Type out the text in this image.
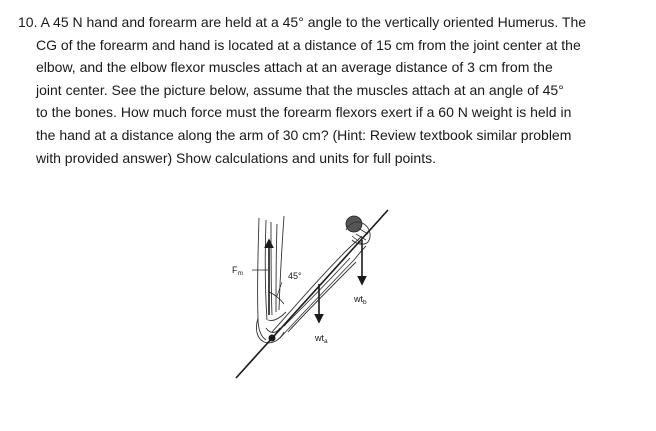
10. A 45 N hand and forearm are held at a 45° angle to the vertically oriented Humerus. The
CG of the forearm and hand is located at a distance of 15 cm from the joint center at the
elbow, and the elbow flexor muscles attach at an average distance of 3 cm from the
joint center. See the picture below, assume that the muscles attach at an angle of 45°
to the bones. How much force must the forearm flexors exert if a 60 N weight is held in
the hand at a distance along the arm of 30 cm? (Hint: Review textbook similar problem
with provided answer) Show calculations and units for full points.
$F_m$	45°
$wt_a$
$wt_b$
